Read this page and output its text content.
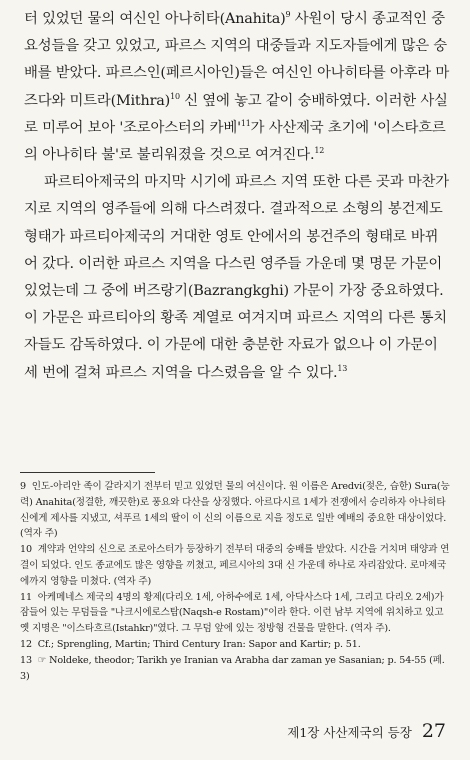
터 있었던 물의 여신인 아나히타(Anahita)$^9$ 사원이 당시 종교적인 중요성들을 갖고 있었고, 파르스 지역의 대중들과 지도자들에게 많은 숭배를 받았다. 파르스인(페르시아인)들은 여신인 아나히타를 아후라 마즈다와 미트라(Mithra)$^{10}$ 신 옆에 놓고 같이 숭배하였다. 이러한 사실로 미루어 보아 '조로아스터의 카베'$^{11}$가 사산제국 초기에 '이스타흐르의 아나히타 불'로 불리워졌을 것으로 여겨진다.$^{12}$

파르티아제국의 마지막 시기에 파르스 지역 또한 다른 곳과 마찬가지로 지역의 영주들에 의해 다스려졌다. 결과적으로 소형의 봉건제도 형태가 파르티아제국의 거대한 영토 안에서의 봉건주의 형태로 바뀌어 갔다. 이러한 파르스 지역을 다스린 영주들 가운데 몇 명문 가문이 있었는데 그 중에 버즈랑기(Bazrangkghi) 가문이 가장 중요하였다. 이 가문은 파르티아의 황족 계열로 여겨지며 파르스 지역의 다른 통치자들도 감독하였다. 이 가문에 대한 충분한 자료가 없으나 이 가문이 세 번에 걸쳐 파르스 지역을 다스렸음을 알 수 있다.$^{13}$

9 인도-아리안 족이 갈라지기 전부터 믿고 있었던 물의 여신이다. 원 이름은 Aredvi(젖은, 습한) Sura(능력) Anahita(정결한, 깨끗한)로 풍요와 다산을 상징했다. 아르다시르 1세가 전쟁에서 승리하자 아나히타 신에게 제사를 지냈고, 셔푸르 1세의 딸이 이 신의 이름으로 지을 정도로 일반 예배의 중요한 대상이었다. (역자 주)

10 계약과 언약의 신으로 조로아스터가 등장하기 전부터 대중의 숭배를 받았다. 시간을 거치며 태양과 연결이 되었다. 인도 종교에도 많은 영향을 끼쳤고, 페르시아의 3대 신 가운데 하나로 자리잡았다. 로마제국에까지 영향을 미쳤다. (역자 주)

11 아케메네스 제국의 4명의 황제(다리오 1세, 아하수에로 1세, 아닥사스다 1세, 그리고 다리오 2세)가 잠들어 있는 무덤들을 "나크시에로스탐(Naqsh-e Rostam)"이라 한다. 이런 남부 지역에 위치하고 있고 옛 지명은 "이스타흐르(Istahkr)"였다. 그 무덤 앞에 있는 정방형 건물을 말한다. (역자 주).

12 Cf.; Sprengling, Martin; Third Century Iran: Sapor and Kartir; p. 51.

13 ☞ Noldeke, theodor; Tarikh ye Iranian va Arabha dar zaman ye Sasanian; p. 54-55 (페. 3)

제1장 사산제국의 등장 27
